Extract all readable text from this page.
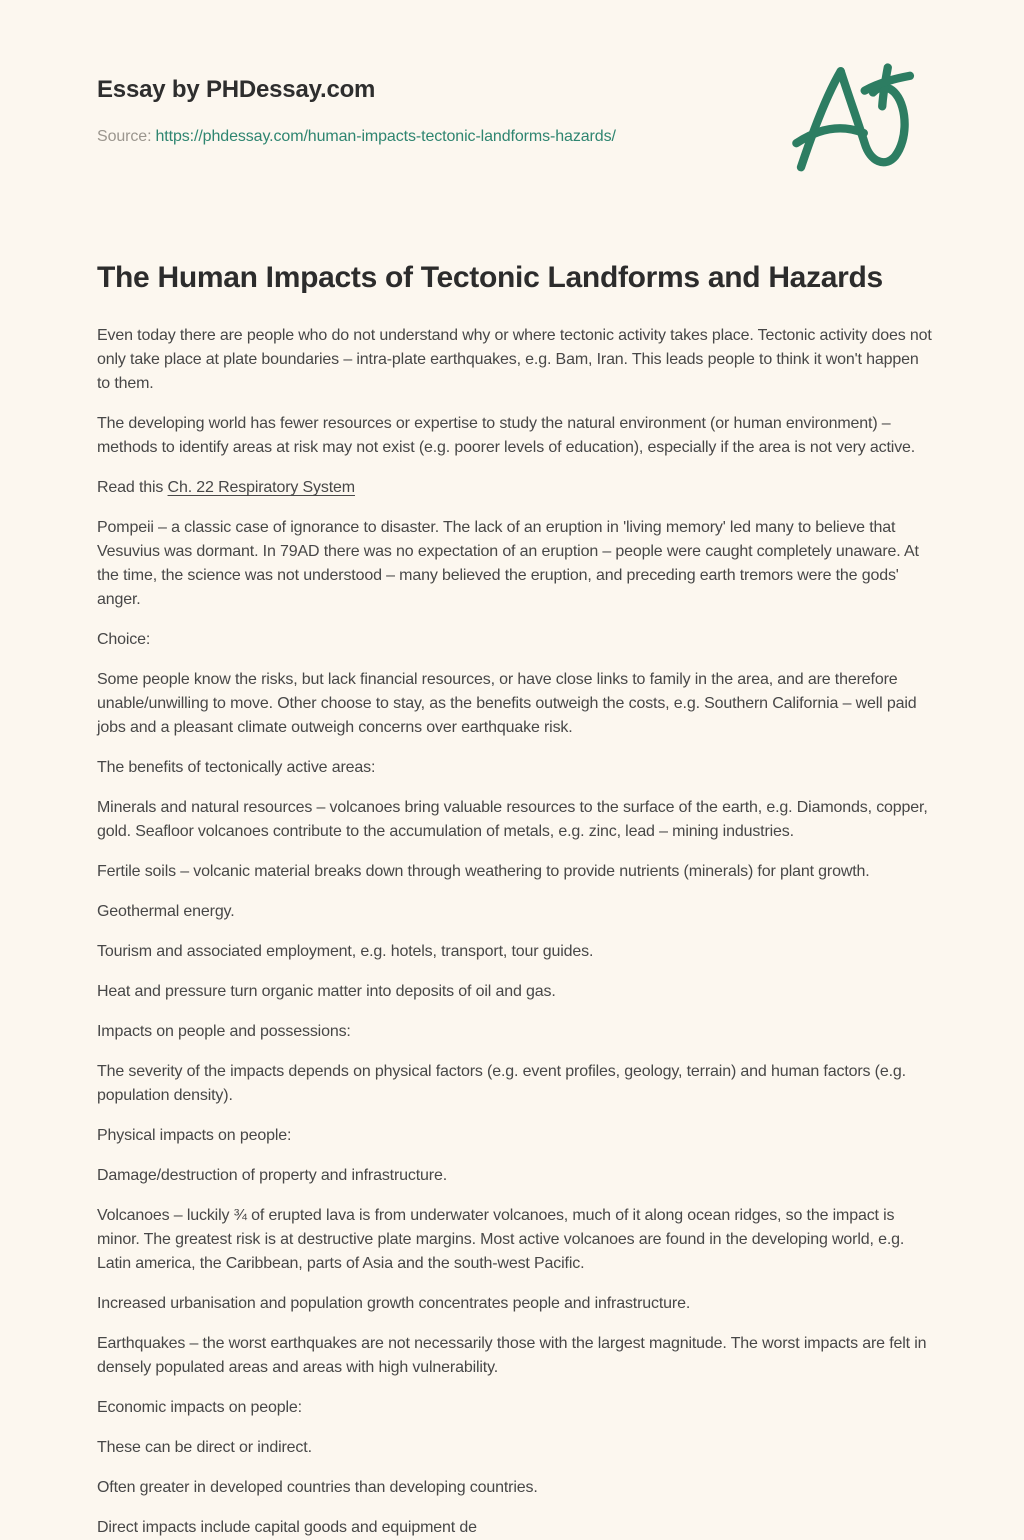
Essay by PHDessay.com
Source: https://phdessay.com/human-impacts-tectonic-landforms-hazards/
The Human Impacts of Tectonic Landforms and Hazards

Even today there are people who do not understand why or where tectonic activity takes place. Tectonic activity does not only take place at plate boundaries – intra-plate earthquakes, e.g. Bam, Iran. This leads people to think it won't happen to them.

The developing world has fewer resources or expertise to study the natural environment (or human environment) – methods to identify areas at risk may not exist (e.g. poorer levels of education), especially if the area is not very active.

Read this Ch. 22 Respiratory System

Pompeii – a classic case of ignorance to disaster. The lack of an eruption in 'living memory' led many to believe that Vesuvius was dormant. In 79AD there was no expectation of an eruption – people were caught completely unaware. At the time, the science was not understood – many believed the eruption, and preceding earth tremors were the gods' anger.

Choice:

Some people know the risks, but lack financial resources, or have close links to family in the area, and are therefore unable/unwilling to move. Other choose to stay, as the benefits outweigh the costs, e.g. Southern California – well paid jobs and a pleasant climate outweigh concerns over earthquake risk.

The benefits of tectonically active areas:

Minerals and natural resources – volcanoes bring valuable resources to the surface of the earth, e.g. Diamonds, copper, gold. Seafloor volcanoes contribute to the accumulation of metals, e.g. zinc, lead – mining industries.

Fertile soils – volcanic material breaks down through weathering to provide nutrients (minerals) for plant growth.

Geothermal energy.

Tourism and associated employment, e.g. hotels, transport, tour guides.

Heat and pressure turn organic matter into deposits of oil and gas.

Impacts on people and possessions:

The severity of the impacts depends on physical factors (e.g. event profiles, geology, terrain) and human factors (e.g. population density).

Physical impacts on people:

Damage/destruction of property and infrastructure.

Volcanoes – luckily ¾ of erupted lava is from underwater volcanoes, much of it along ocean ridges, so the impact is minor. The greatest risk is at destructive plate margins. Most active volcanoes are found in the developing world, e.g. Latin america, the Caribbean, parts of Asia and the south-west Pacific.

Increased urbanisation and population growth concentrates people and infrastructure.

Earthquakes – the worst earthquakes are not necessarily those with the largest magnitude. The worst impacts are felt in densely populated areas and areas with high vulnerability.

Economic impacts on people:

These can be direct or indirect.

Often greater in developed countries than developing countries.

Direct impacts include capital goods and equipment de
